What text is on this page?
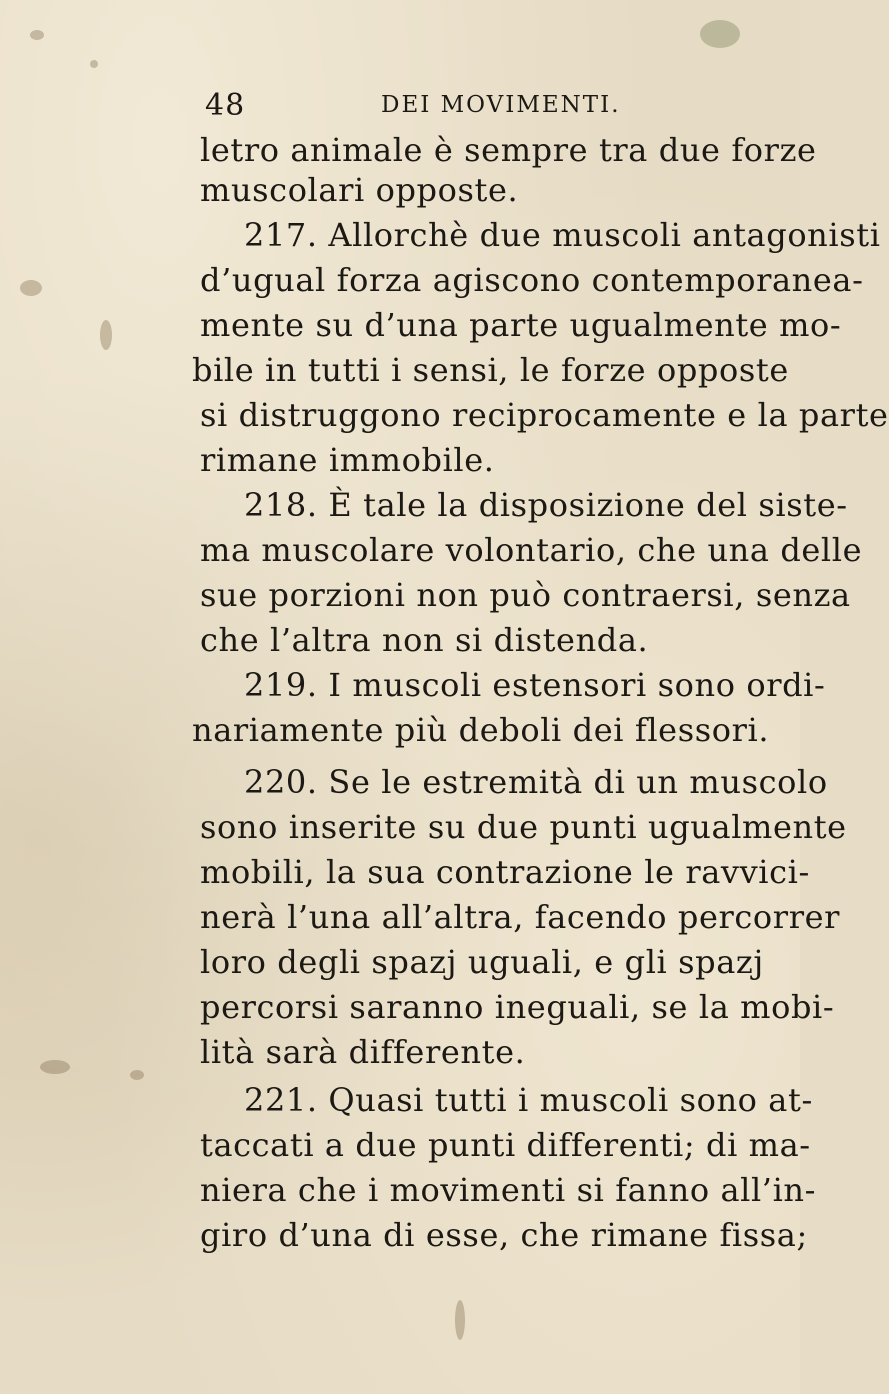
48	DEI MOVIMENTI.
letro animale è sempre tra due forze
muscolari opposte.
217. Allorchè due muscoli antagonisti
d’ugual forza agiscono contemporanea-
mente su d’una parte ugualmente mo-
bile in tutti i sensi, le forze opposte
si distruggono reciprocamente e la parte
rimane immobile.
218. È tale la disposizione del siste-
ma muscolare volontario, che una delle
sue porzioni non può contraersi, senza
che l’altra non si distenda.
219. I muscoli estensori sono ordi-
nariamente più deboli dei flessori.
220. Se le estremità di un muscolo
sono inserite su due punti ugualmente
mobili, la sua contrazione le ravvici-
nerà l’una all’altra, facendo percorrer
loro degli spazj uguali, e gli spazj
percorsi saranno ineguali, se la mobi-
lità sarà differente.
221. Quasi tutti i muscoli sono at-
taccati a due punti differenti; di ma-
niera che i movimenti si fanno all’in-
giro d’una di esse, che rimane fissa;
